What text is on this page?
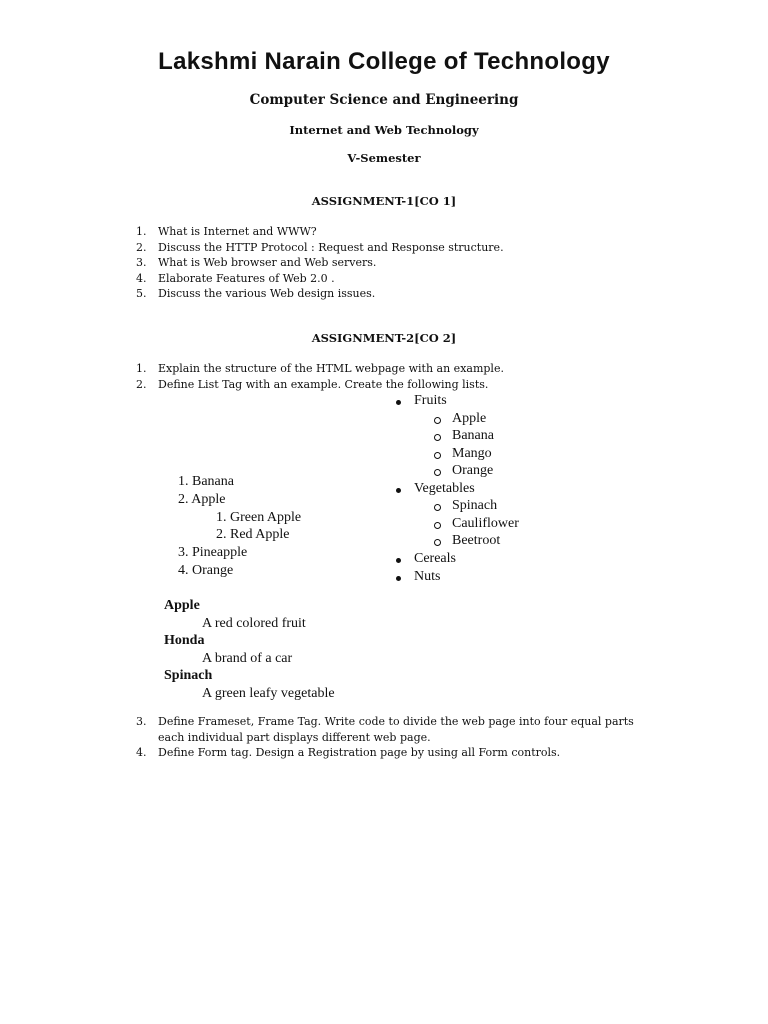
Lakshmi Narain College of Technology
Computer Science and Engineering
Internet and Web Technology
V-Semester
ASSIGNMENT-1[CO 1]
1. What is Internet and WWW?
2. Discuss the HTTP Protocol : Request and Response structure.
3. What is Web browser and Web servers.
4. Elaborate Features of Web 2.0 .
5. Discuss the various Web design issues.
ASSIGNMENT-2[CO 2]
1. Explain the structure of the HTML webpage with an example.
2. Define List Tag with an example. Create the following lists.
1. Banana
2. Apple
1. Green Apple
2. Red Apple
3. Pineapple
4. Orange
Fruits
Apple
Banana
Mango
Orange
Vegetables
Spinach
Cauliflower
Beetroot
Cereals
Nuts
Apple
A red colored fruit
Honda
A brand of a car
Spinach
A green leafy vegetable
3. Define Frameset, Frame Tag. Write code to divide the web page into four equal parts each individual part displays different web page.
4. Define Form tag. Design a Registration page by using all Form controls.
